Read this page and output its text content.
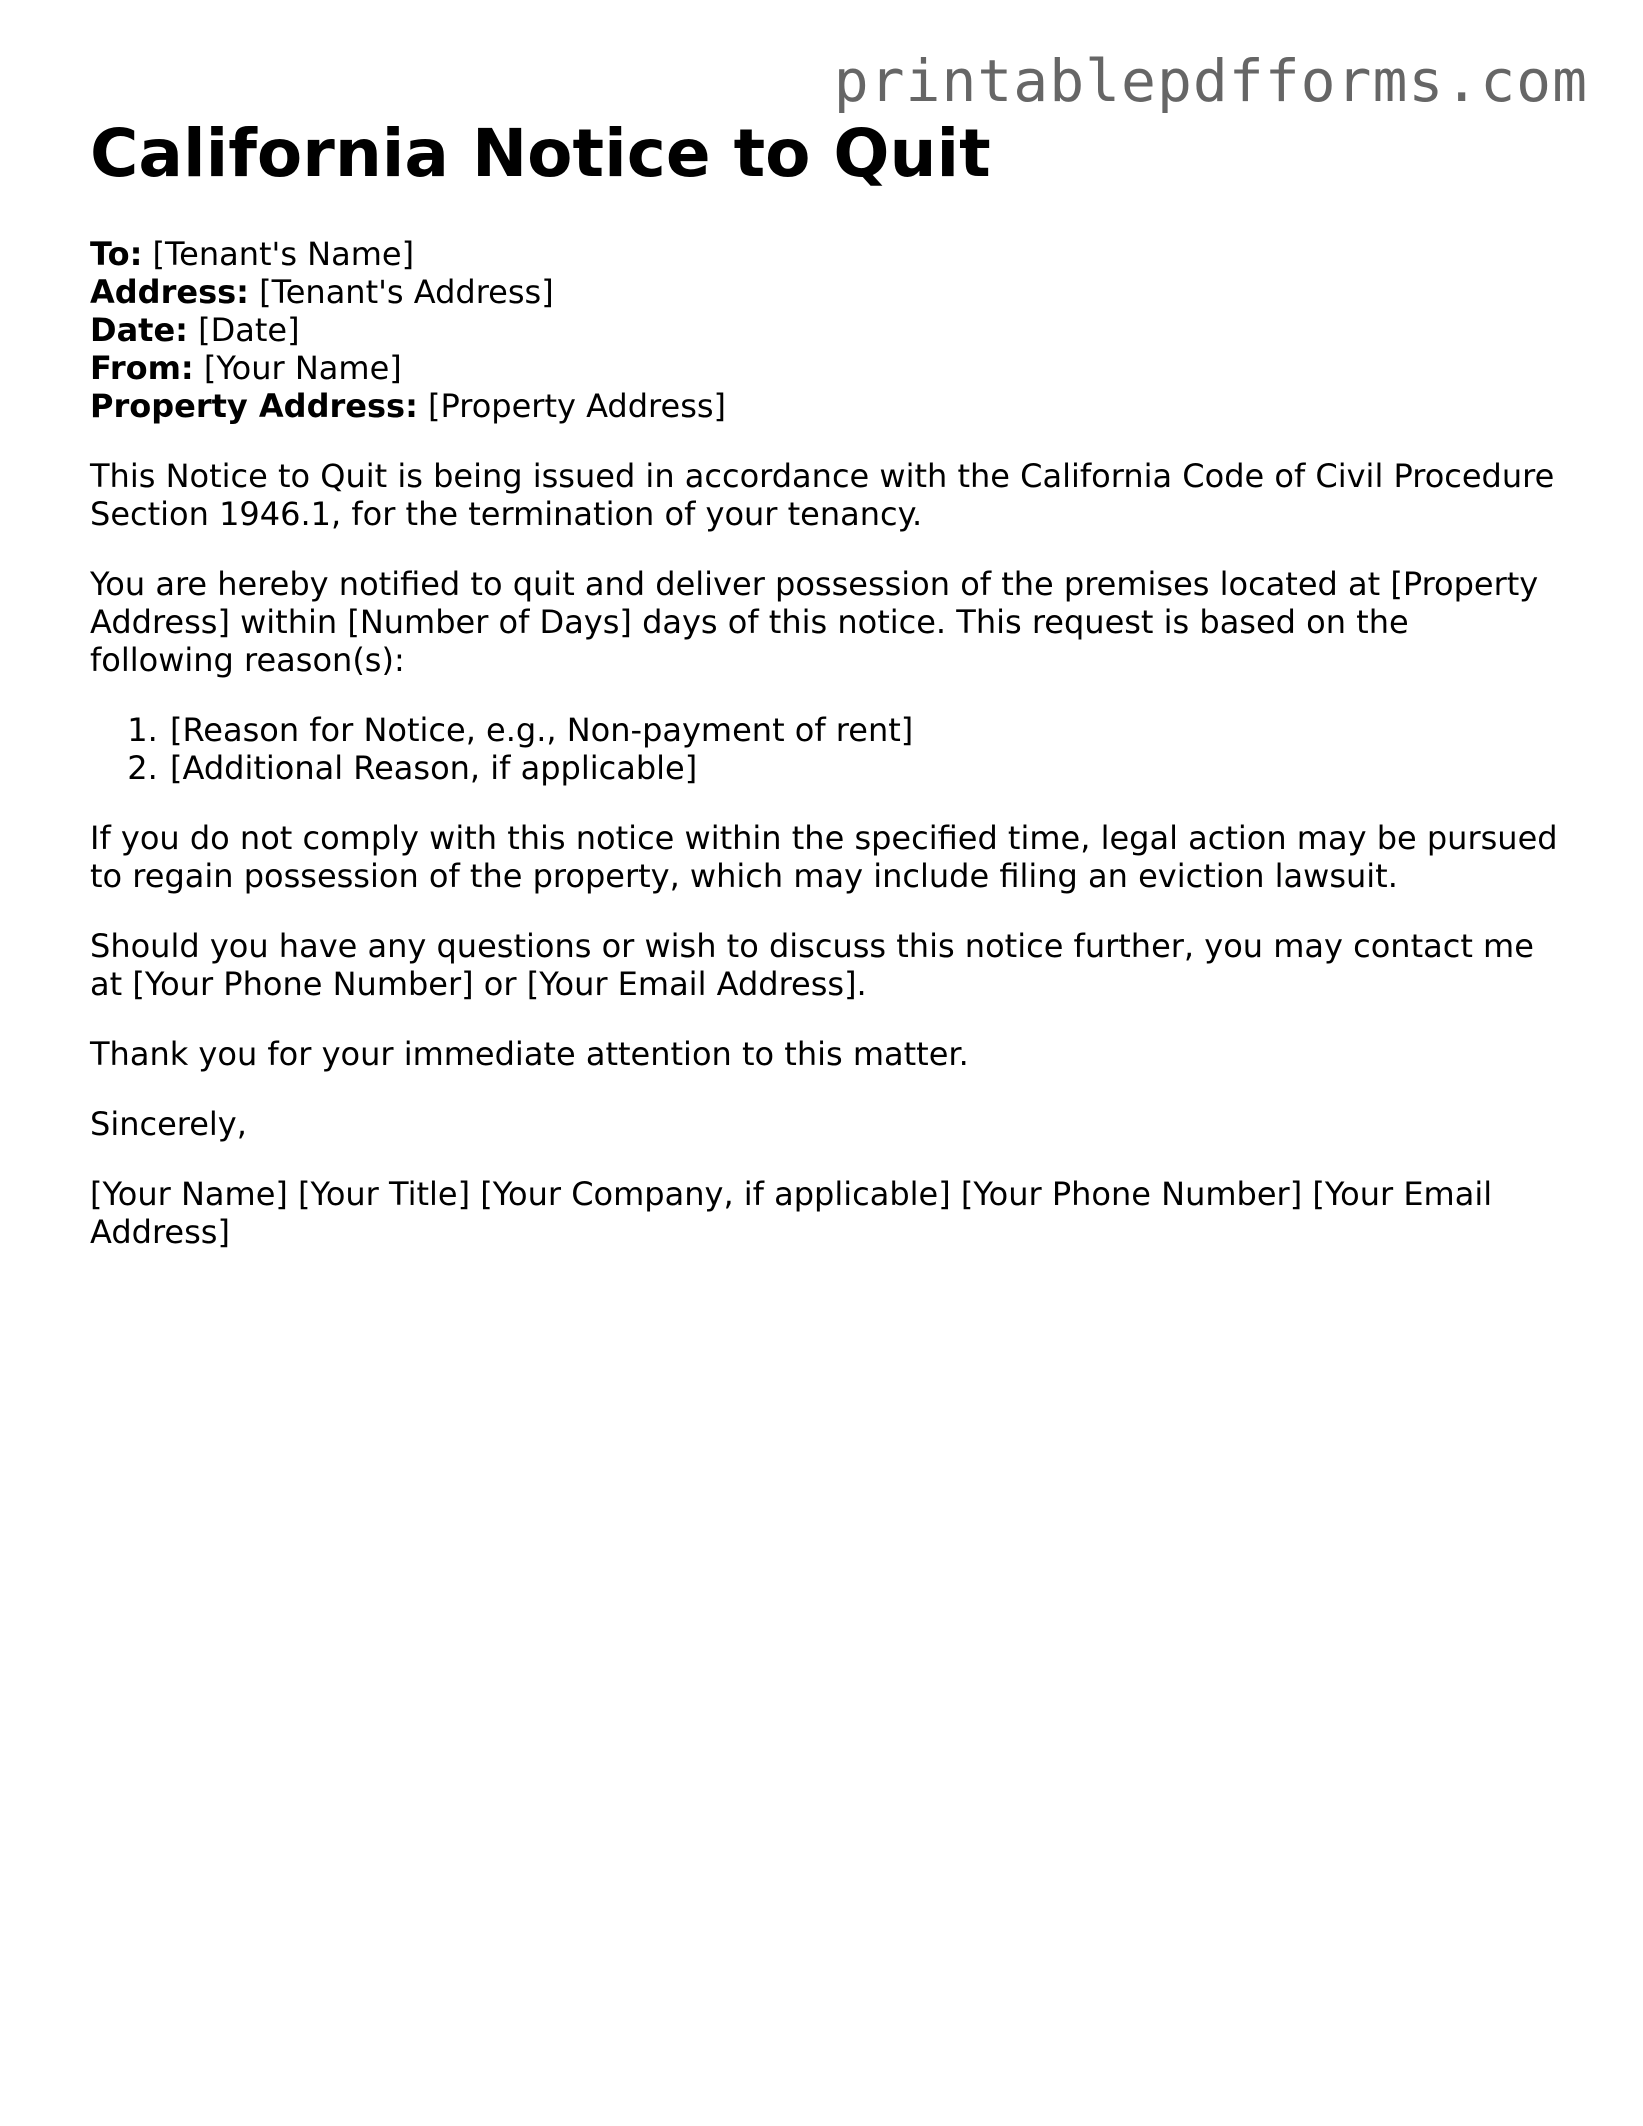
printablepdfforms.com
California Notice to Quit
To: [Tenant's Name]
Address: [Tenant's Address]
Date: [Date]
From: [Your Name]
Property Address: [Property Address]

This Notice to Quit is being issued in accordance with the California Code of Civil Procedure Section 1946.1, for the termination of your tenancy.

You are hereby notified to quit and deliver possession of the premises located at [Property Address] within [Number of Days] days of this notice. This request is based on the following reason(s):

1. [Reason for Notice, e.g., Non-payment of rent]
2. [Additional Reason, if applicable]

If you do not comply with this notice within the specified time, legal action may be pursued to regain possession of the property, which may include filing an eviction lawsuit.

Should you have any questions or wish to discuss this notice further, you may contact me at [Your Phone Number] or [Your Email Address].

Thank you for your immediate attention to this matter.

Sincerely,

[Your Name] [Your Title] [Your Company, if applicable] [Your Phone Number] [Your Email Address]
